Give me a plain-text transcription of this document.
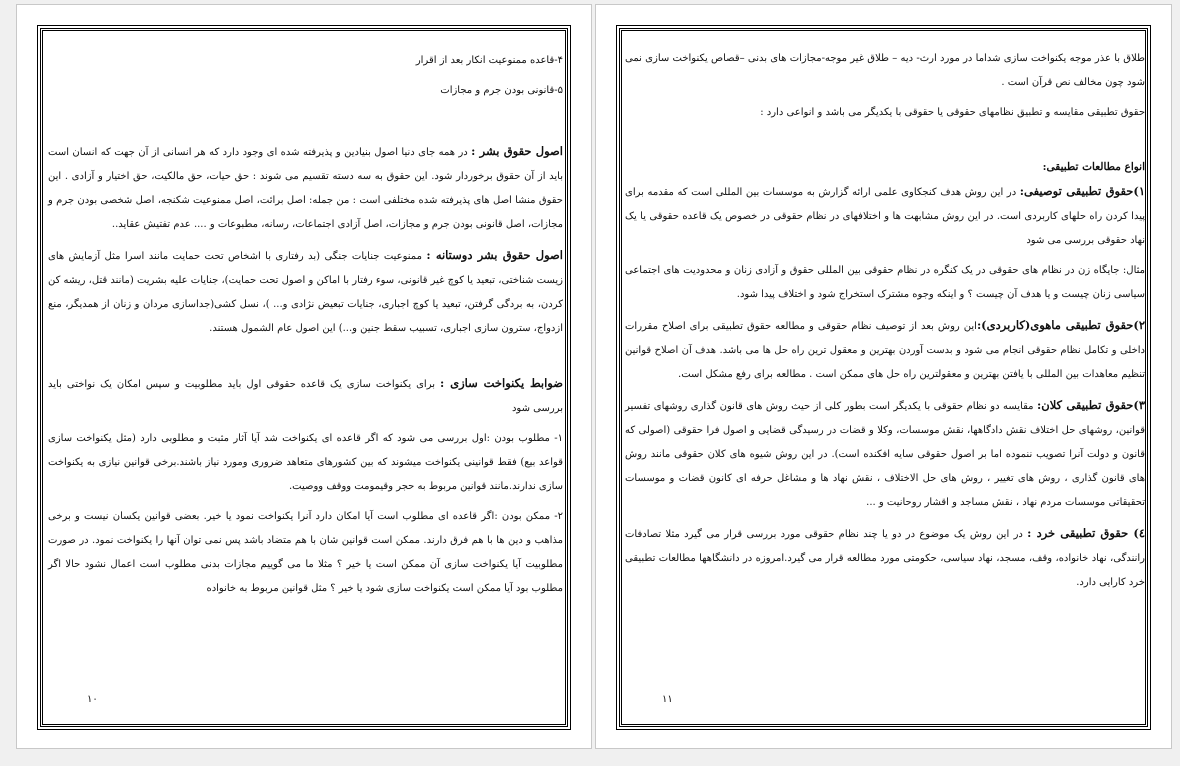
۴-قاعده ممنوعیت انکار بعد از اقرار

۵-قانونی بودن جرم و مجازات

اصول حقوق بشر : در همه جای دنیا اصول بنیادین و پذیرفته شده ای وجود دارد که هر انسانی از آن جهت که انسان است باید از آن حقوق برخوردار شود. این حقوق به سه دسته تقسیم می شوند : حق حیات، حق مالکیت، حق اختیار و آزادی . این حقوق منشا اصل های پذیرفته شده مختلفی است : من جمله: اصل برائت، اصل ممنوعیت شکنجه، اصل شخصی بودن جرم و مجازات، اصل قانونی بودن جرم و مجازات، اصل آزادی اجتماعات، رسانه، مطبوعات و .... عدم تفتیش عقاید..

اصول حقوق بشر دوستانه : ممنوعیت جنایات جنگی (بد رفتاری با اشخاص تحت حمایت مانند اسرا مثل آزمایش های زیست شناختی، تبعید یا کوچ غیر قانونی، سوء رفتار با اماکن و اصول تحت حمایت)، جنایات علیه بشریت (مانند قتل، ریشه کن کردن، به بردگی گرفتن، تبعید یا کوچ اجباری، جنایات تبعیض نژادی و... )، نسل کشی(جداسازی مردان و زنان از همدیگر، منع ازدواج، سترون سازی اجباری، تسبیب سقط جنین و...) این اصول عام الشمول هستند.

ضوابط یکنواخت سازی : برای یکنواخت سازی یک قاعده حقوقی اول باید مطلوبیت و سپس امکان یک نواختی باید بررسی شود

۱- مطلوب بودن :اول بررسی می شود که اگر قاعده ای یکنواخت شد آیا آثار مثبت و مطلوبی دارد (مثل یکنواخت سازی قواعد بیع) فقط قوانینی یکنواخت میشوند که بین کشورهای متعاهد ضروری ومورد نیاز باشند.برخی قوانین نیازی به یکنواخت سازی ندارند.مانند قوانین مربوط به حجر وقیمومت ووقف ووصیت.

۲- ممکن بودن :اگر قاعده ای مطلوب است آیا امکان دارد آنرا یکنواخت نمود یا خیر. بعضی قوانین یکسان نیست و برخی مذاهب و دین ها با هم فرق دارند. ممکن است قوانین شان با هم متضاد باشد پس نمی توان آنها را یکنواخت نمود. در صورت مطلوبیت آیا یکنواخت سازی آن ممکن است یا خیر ؟ مثلا ما می گوییم مجازات بدنی مطلوب است اعمال نشود حالا اگر مطلوب بود آیا ممکن است یکنواخت سازی شود یا خیر ؟ مثل قوانین مربوط به خانواده

۱۰

طلاق با عذر موجه یکنواخت سازی شداما در مورد ارث- دیه – طلاق غیر موجه-مجازات های بدنی –قصاص یکنواخت سازی نمی شود چون مخالف نص قرآن است .

حقوق تطبیقی مقایسه و تطبیق نظامهای حقوقی یا حقوقی با یکدیگر می باشد و انواعی دارد :

انواع مطالعات تطبیقی:

۱)حقوق تطبیقی توصیفی: در این روش هدف کنجکاوی علمی ارائه گزارش به موسسات بین المللی است که مقدمه برای پیدا کردن راه حلهای کاربردی است. در این روش مشابهت ها و اختلافهای در نظام حقوقی در خصوص یک قاعده حقوقی یا یک نهاد حقوقی بررسی می شود

مثال: جایگاه زن در نظام های حقوقی در یک کنگره در نظام حقوقی بین المللی حقوق و آزادی زنان و محدودیت های اجتماعی سیاسی زنان چیست و یا هدف آن چیست ؟ و اینکه وجوه مشترک استخراج شود و اختلاف پیدا شود.

۲)حقوق تطبیقی ماهوی(کاربردی):این روش بعد از توصیف نظام حقوقی و مطالعه حقوق تطبیقی برای اصلاح مقررات داخلی و تکامل نظام حقوقی انجام می شود و بدست آوردن بهترین و معقول ترین راه حل ها می باشد. هدف آن اصلاح قوانین تنظیم معاهدات بین المللی با یافتن بهترین و معقولترین راه حل های ممکن است . مطالعه برای رفع مشکل است.

۳)حقوق تطبیقی کلان: مقایسه دو نظام حقوقی با یکدیگر است بطور کلی از حیث روش های قانون گذاری روشهای تفسیر قوانین، روشهای حل اختلاف نقش دادگاهها، نقش موسسات، وکلا و قضات در رسیدگی قضایی و اصول فرا حقوقی (اصولی که قانون و دولت آنرا تصویب ننموده اما بر اصول حقوقی سایه افکنده است). در این روش شیوه های کلان حقوقی مانند روش های قانون گذاری ، روش های تغییر ، روش های حل الاختلاف ، نقش نهاد ها و مشاغل حرفه ای کانون قضات و موسسات تحقیقاتی موسسات مردم نهاد ، نقش مساجد و اقشار روحانیت و ...

٤) حقوق تطبیقی خرد : در این روش یک موضوع در دو یا چند نظام حقوقی مورد بررسی قرار می گیرد مثلا تصادفات رانندگی، نهاد خانواده، وقف، مسجد، نهاد سیاسی، حکومتی مورد مطالعه قرار می گیرد.امروزه در دانشگاهها مطالعات تطبیقی خرد کارایی دارد.

۱۱
